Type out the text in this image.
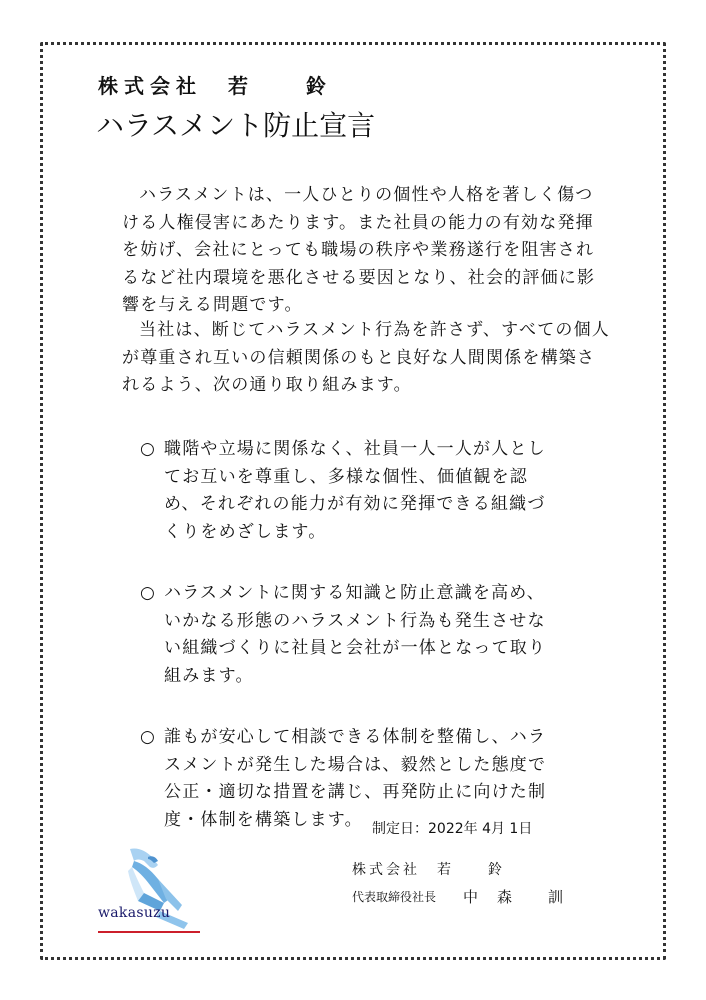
株式会社　若　　鈴
ハラスメント防止宣言

ハラスメントは、一人ひとりの個性や人格を著しく傷つける人権侵害にあたります。また社員の能力の有効な発揮を妨げ、会社にとっても職場の秩序や業務遂行を阻害されるなど社内環境を悪化させる要因となり、社会的評価に影響を与える問題です。

当社は、断じてハラスメント行為を許さず、すべての個人が尊重され互いの信頼関係のもと良好な人間関係を構築されるよう、次の通り取り組みます。

○ 職階や立場に関係なく、社員一人一人が人としてお互いを尊重し、多様な個性、価値観を認め、それぞれの能力が有効に発揮できる組織づくりをめざします。
○ ハラスメントに関する知識と防止意識を高め、いかなる形態のハラスメント行為も発生させない組織づくりに社員と会社が一体となって取り組みます。
○ 誰もが安心して相談できる体制を整備し、ハラスメントが発生した場合は、毅然とした態度で公正・適切な措置を講じ、再発防止に向けた制度・体制を構築します。 制定日：2022年 4月 1日
株式会社　若　　鈴
代表取締役社長 中　森　　訓
wakasuzu
